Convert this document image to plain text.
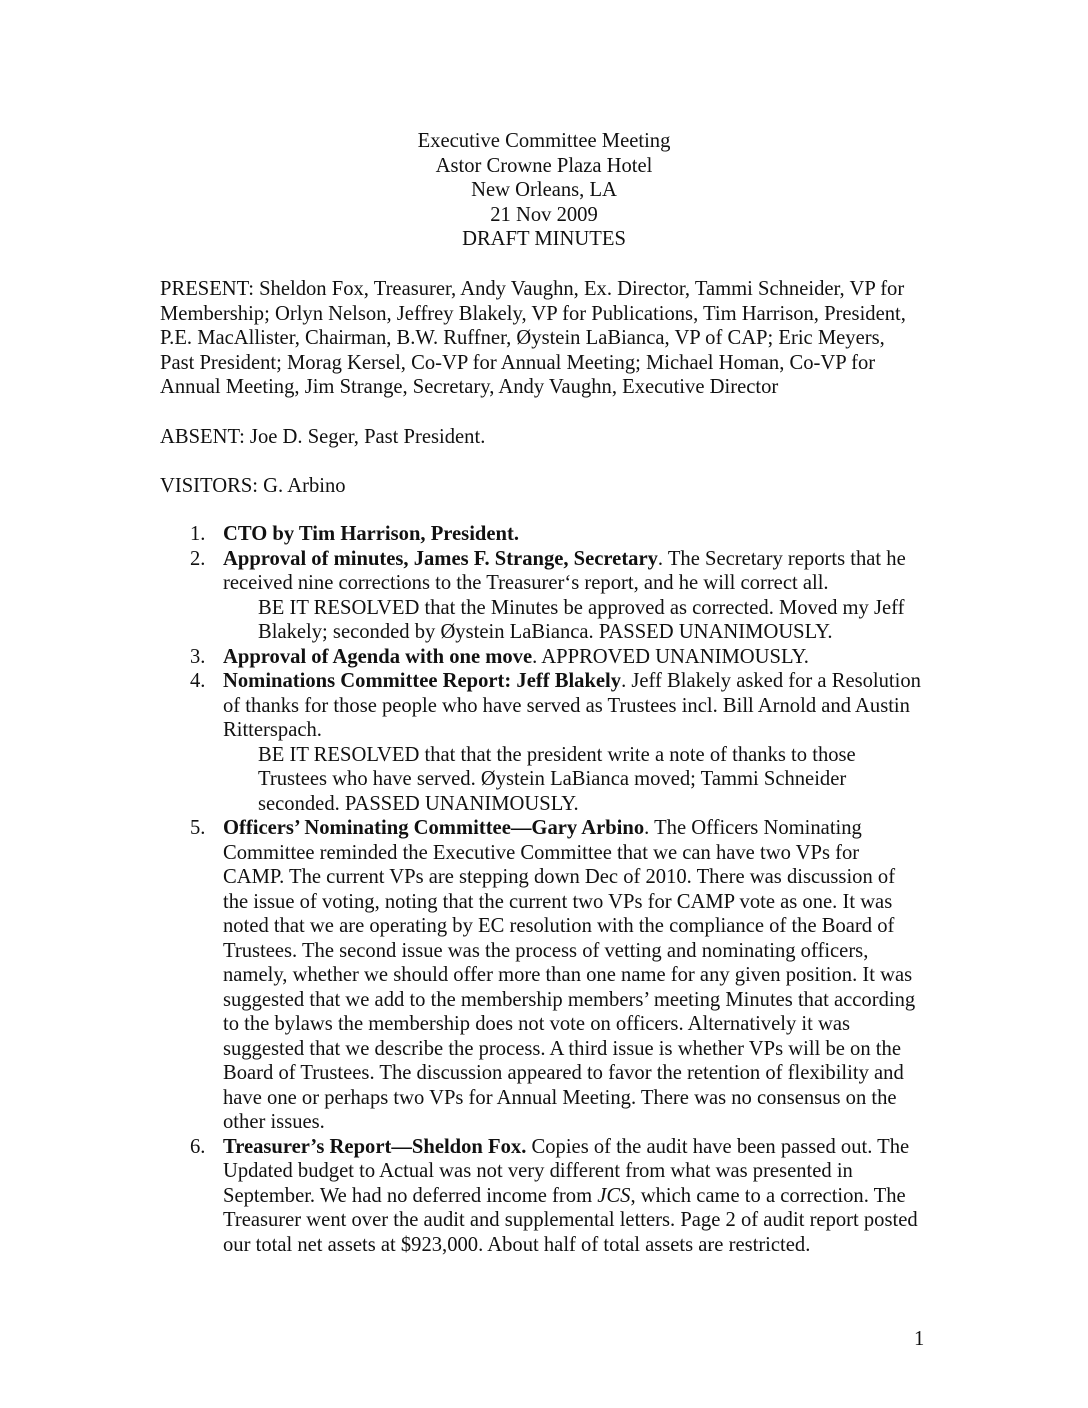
Executive Committee Meeting
Astor Crowne Plaza Hotel
New Orleans, LA
21 Nov 2009
DRAFT MINUTES
PRESENT: Sheldon Fox, Treasurer, Andy Vaughn, Ex. Director, Tammi Schneider, VP for Membership; Orlyn Nelson, Jeffrey Blakely, VP for Publications, Tim Harrison, President, P.E. MacAllister, Chairman, B.W. Ruffner, Øystein LaBianca, VP of CAP; Eric Meyers, Past President; Morag Kersel, Co-VP for Annual Meeting; Michael Homan, Co-VP for Annual Meeting, Jim Strange, Secretary, Andy Vaughn, Executive Director
ABSENT: Joe D. Seger, Past President.
VISITORS: G. Arbino
1. CTO by Tim Harrison, President.
2. Approval of minutes, James F. Strange, Secretary. The Secretary reports that he received nine corrections to the Treasurer‘s report, and he will correct all.
BE IT RESOLVED that the Minutes be approved as corrected. Moved my Jeff Blakely; seconded by Øystein LaBianca. PASSED UNANIMOUSLY.
3. Approval of Agenda with one move. APPROVED UNANIMOUSLY.
4. Nominations Committee Report: Jeff Blakely. Jeff Blakely asked for a Resolution of thanks for those people who have served as Trustees incl. Bill Arnold and Austin Ritterspach.
BE IT RESOLVED that that the president write a note of thanks to those Trustees who have served. Øystein LaBianca moved; Tammi Schneider seconded. PASSED UNANIMOUSLY.
5. Officers’ Nominating Committee—Gary Arbino. The Officers Nominating Committee reminded the Executive Committee that we can have two VPs for CAMP. The current VPs are stepping down Dec of 2010. There was discussion of the issue of voting, noting that the current two VPs for CAMP vote as one. It was noted that we are operating by EC resolution with the compliance of the Board of Trustees. The second issue was the process of vetting and nominating officers, namely, whether we should offer more than one name for any given position. It was suggested that we add to the membership members’ meeting Minutes that according to the bylaws the membership does not vote on officers. Alternatively it was suggested that we describe the process. A third issue is whether VPs will be on the Board of Trustees. The discussion appeared to favor the retention of flexibility and have one or perhaps two VPs for Annual Meeting. There was no consensus on the other issues.
6. Treasurer’s Report—Sheldon Fox. Copies of the audit have been passed out. The Updated budget to Actual was not very different from what was presented in September. We had no deferred income from JCS, which came to a correction. The Treasurer went over the audit and supplemental letters. Page 2 of audit report posted our total net assets at $923,000. About half of total assets are restricted.
1
